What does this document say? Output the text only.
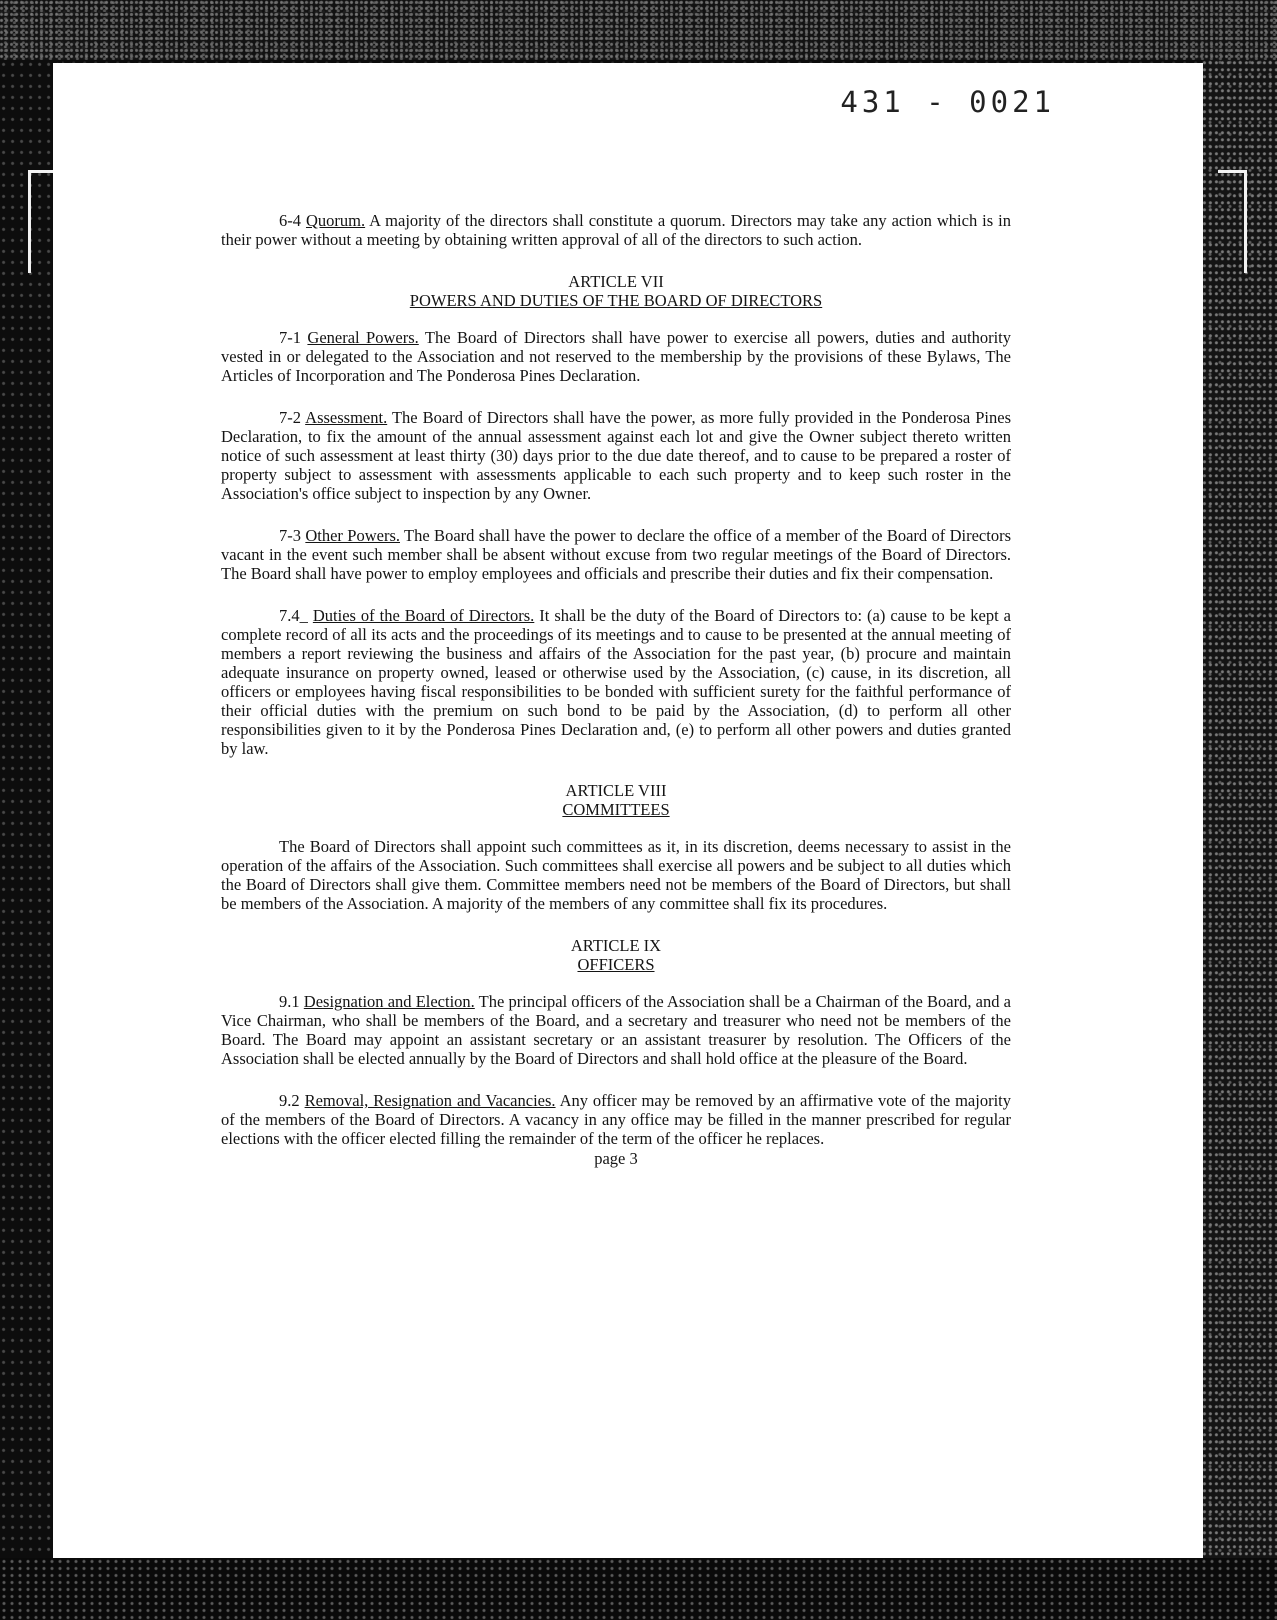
431 - 0021

6-4 Quorum. A majority of the directors shall constitute a quorum. Directors may take any action which is in their power without a meeting by obtaining written approval of all of the directors to such action.

ARTICLE VII
POWERS AND DUTIES OF THE BOARD OF DIRECTORS

7-1 General Powers. The Board of Directors shall have power to exercise all powers, duties and authority vested in or delegated to the Association and not reserved to the membership by the provisions of these Bylaws, The Articles of Incorporation and The Ponderosa Pines Declaration.

7-2 Assessment. The Board of Directors shall have the power, as more fully provided in the Ponderosa Pines Declaration, to fix the amount of the annual assessment against each lot and give the Owner subject thereto written notice of such assessment at least thirty (30) days prior to the due date thereof, and to cause to be prepared a roster of property subject to assessment with assessments applicable to each such property and to keep such roster in the Association's office subject to inspection by any Owner.

7-3 Other Powers. The Board shall have the power to declare the office of a member of the Board of Directors vacant in the event such member shall be absent without excuse from two regular meetings of the Board of Directors. The Board shall have power to employ employees and officials and prescribe their duties and fix their compensation.

7.4_ Duties of the Board of Directors. It shall be the duty of the Board of Directors to: (a) cause to be kept a complete record of all its acts and the proceedings of its meetings and to cause to be presented at the annual meeting of members a report reviewing the business and affairs of the Association for the past year, (b) procure and maintain adequate insurance on property owned, leased or otherwise used by the Association, (c) cause, in its discretion, all officers or employees having fiscal responsibilities to be bonded with sufficient surety for the faithful performance of their official duties with the premium on such bond to be paid by the Association, (d) to perform all other responsibilities given to it by the Ponderosa Pines Declaration and, (e) to perform all other powers and duties granted by law.

ARTICLE VIII
COMMITTEES

The Board of Directors shall appoint such committees as it, in its discretion, deems necessary to assist in the operation of the affairs of the Association. Such committees shall exercise all powers and be subject to all duties which the Board of Directors shall give them. Committee members need not be members of the Board of Directors, but shall be members of the Association. A majority of the members of any committee shall fix its procedures.

ARTICLE IX
OFFICERS

9.1 Designation and Election. The principal officers of the Association shall be a Chairman of the Board, and a Vice Chairman, who shall be members of the Board, and a secretary and treasurer who need not be members of the Board. The Board may appoint an assistant secretary or an assistant treasurer by resolution. The Officers of the Association shall be elected annually by the Board of Directors and shall hold office at the pleasure of the Board.

9.2 Removal, Resignation and Vacancies. Any officer may be removed by an affirmative vote of the majority of the members of the Board of Directors. A vacancy in any office may be filled in the manner prescribed for regular elections with the officer elected filling the remainder of the term of the officer he replaces.

page 3
